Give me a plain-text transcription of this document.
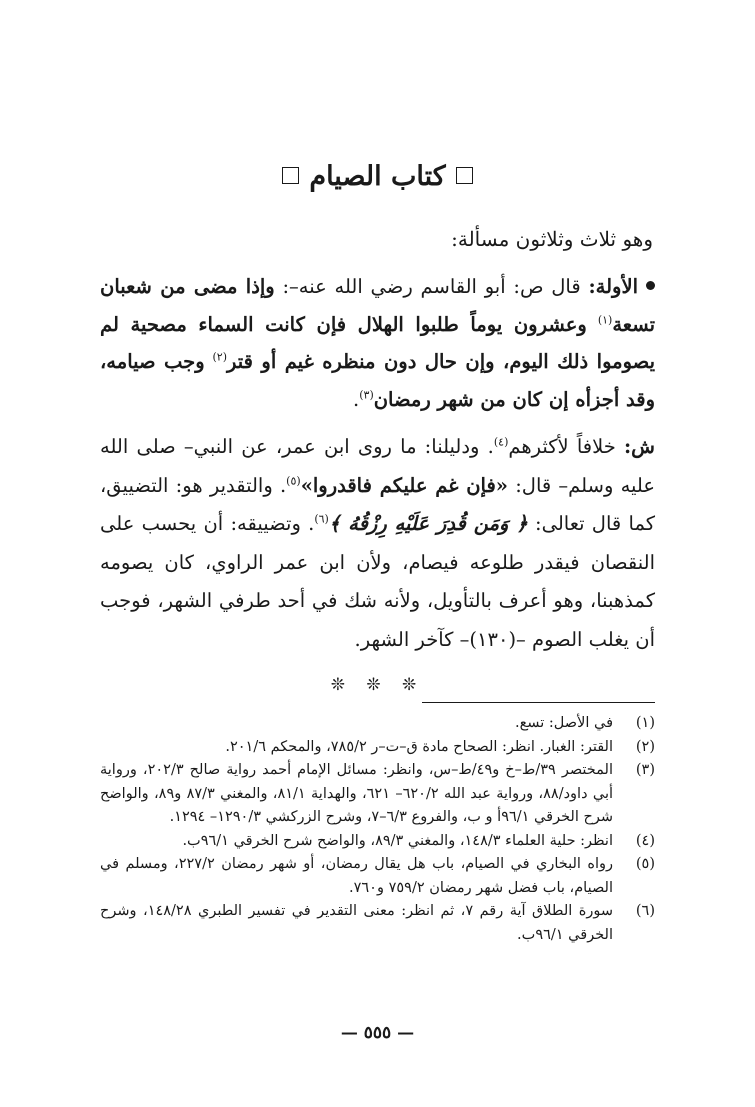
كتاب الصيام
وهو ثلاث وثلاثون مسألة:
الأولة: قال ص: أبو القاسم رضي الله عنه–: وإذا مضى من شعبان تسعة$^{(١)}$ وعشرون يوماً طلبوا الهلال فإن كانت السماء مصحية لم يصوموا ذلك اليوم، وإن حال دون منظره غيم أو قتر$^{(٢)}$ وجب صيامه، وقد أجزأه إن كان من شهر رمضان$^{(٣)}$.
ش: خلافاً لأكثرهم$^{(٤)}$. ودليلنا: ما روى ابن عمر، عن النبي– صلى الله عليه وسلم– قال: «فإن غم عليكم فاقدروا»$^{(٥)}$. والتقدير هو: التضييق، كما قال تعالى: ﴿ وَمَن قُدِرَ عَلَيْهِ رِزْقُهُ ﴾$^{(٦)}$. وتضييقه: أن يحسب على النقصان فيقدر طلوعه فيصام، ولأن ابن عمر الراوي، كان يصومه كمذهبنا، وهو أعرف بالتأويل، ولأنه شك في أحد طرفي الشهر، فوجب أن يغلب الصوم –(١٣٠)– كآخر الشهر.
❊ ❊ ❊
(١)
في الأصل: تسع.
(٢)
القتر: الغبار. انظر: الصحاح مادة ق–ت–ر ٧٨٥/٢، والمحكم ٢٠١/٦.
(٣)
المختصر ٣٩/ط–خ و٤٩/ط–س، وانظر: مسائل الإمام أحمد رواية صالح ٢٠٢/٣، ورواية أبي داود/٨٨، ورواية عبد الله ٦٢٠/٢– ٦٢١، والهداية ٨١/١، والمغني ٨٧/٣ و٨٩، والواضح شرح الخرقي ٩٦/١أ و ب، والفروع ٦/٣–٧، وشرح الزركشي ١٢٩٠/٣– ١٢٩٤.
(٤)
انظر: حلية العلماء ١٤٨/٣، والمغني ٨٩/٣، والواضح شرح الخرقي ٩٦/١ب.
(٥)
رواه البخاري في الصيام، باب هل يقال رمضان، أو شهر رمضان ٢٢٧/٢، ومسلم في الصيام، باب فضل شهر رمضان ٧٥٩/٢ و٧٦٠.
(٦)
سورة الطلاق آية رقم ٧، ثم انظر: معنى التقدير في تفسير الطبري ١٤٨/٢٨، وشرح الخرقي ٩٦/١ب.
— ٥٥٥ —
